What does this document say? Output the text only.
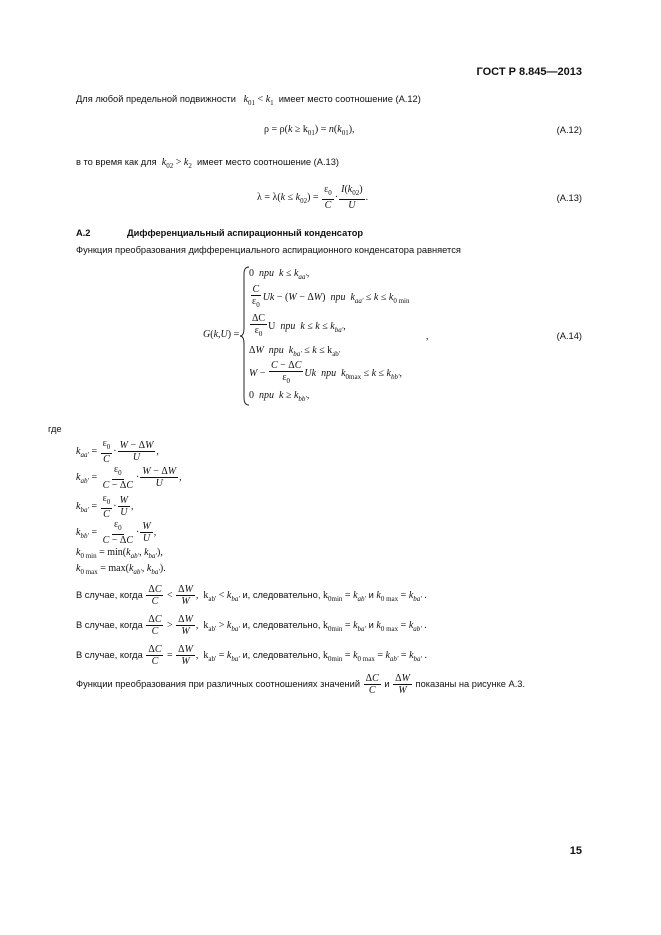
ГОСТ Р 8.845—2013
Для любой предельной подвижности $k_{01} < k_1$ имеет место соотношение (А.12)
$\rho = \rho(k \ge k_{01}) = n(k_{01})$,	(А.12)
в то время как для $k_{02} > k_2$ имеет место соотношение (А.13)
$\lambda = \lambda(k \le k_{02}) = \frac{\varepsilon_0}{C} \cdot \frac{I(k_{02})}{U}$ .	(А.13)
А.2	Дифференциальный аспирационный конденсатор
Функция преобразования дифференциального аспирационного конденсатора равняется
G(k,U) =
0  при $k \le k_{aa'}$,
$\frac{C}{\varepsilon_0}$ Uk − (W − ΔW)  при $k_{aa'} \le k \le k_{0 min}$
$\frac{\Delta C}{\varepsilon_0}$ U  при $k \le k \le k_{ba'}$,
ΔW при $k_{ba'} \le k \le k_{ab'}$
$W - \frac{C - \Delta C}{\varepsilon_0}$ Uk при $k_{0max} \le k \le k_{bb'}$,
0  при $k \ge k_{bb'}$,
,	(А.14)
где
$k_{aa'} = \frac{\varepsilon_0}{C} \cdot \frac{W - \Delta W}{U}$ ,
$k_{ab'} = \frac{\varepsilon_0}{C - \Delta C} \cdot \frac{W - \Delta W}{U}$ ,
$k_{ba'} = \frac{\varepsilon_0}{C} \cdot \frac{W}{U}$ ,
$k_{bb'} = \frac{\varepsilon_0}{C - \Delta C} \cdot \frac{W}{U}$ ,
$k_{0 min} = \min(k_{ab'}$, $k_{ba'}$),
$k_{0 max} = \max(k_{ab'}$, $k_{ba'}$).
В случае, когда $\frac{\Delta C}{C} < \frac{\Delta W}{W}$ ,  $k_{ab'} < k_{ba'}$ и, следовательно, $k_{0min} = k_{ab'}$ и $k_{0 max} = k_{ba'}$ .
В случае, когда $\frac{\Delta C}{C} > \frac{\Delta W}{W}$ ,  $k_{ab'} > k_{ba'}$ и, следовательно, $k_{0min} = k_{ba'}$ и $k_{0 max} = k_{ab'}$ .
В случае, когда $\frac{\Delta C}{C} = \frac{\Delta W}{W}$ ,  $k_{ab'} = k_{ba'}$ и, следовательно, $k_{0min} = k_{0 max} = k_{ab'} = k_{ba'}$ .
Функции преобразования при различных соотношениях значений $\frac{\Delta C}{C}$ и $\frac{\Delta W}{W}$ показаны на рисунке А.3.
15
